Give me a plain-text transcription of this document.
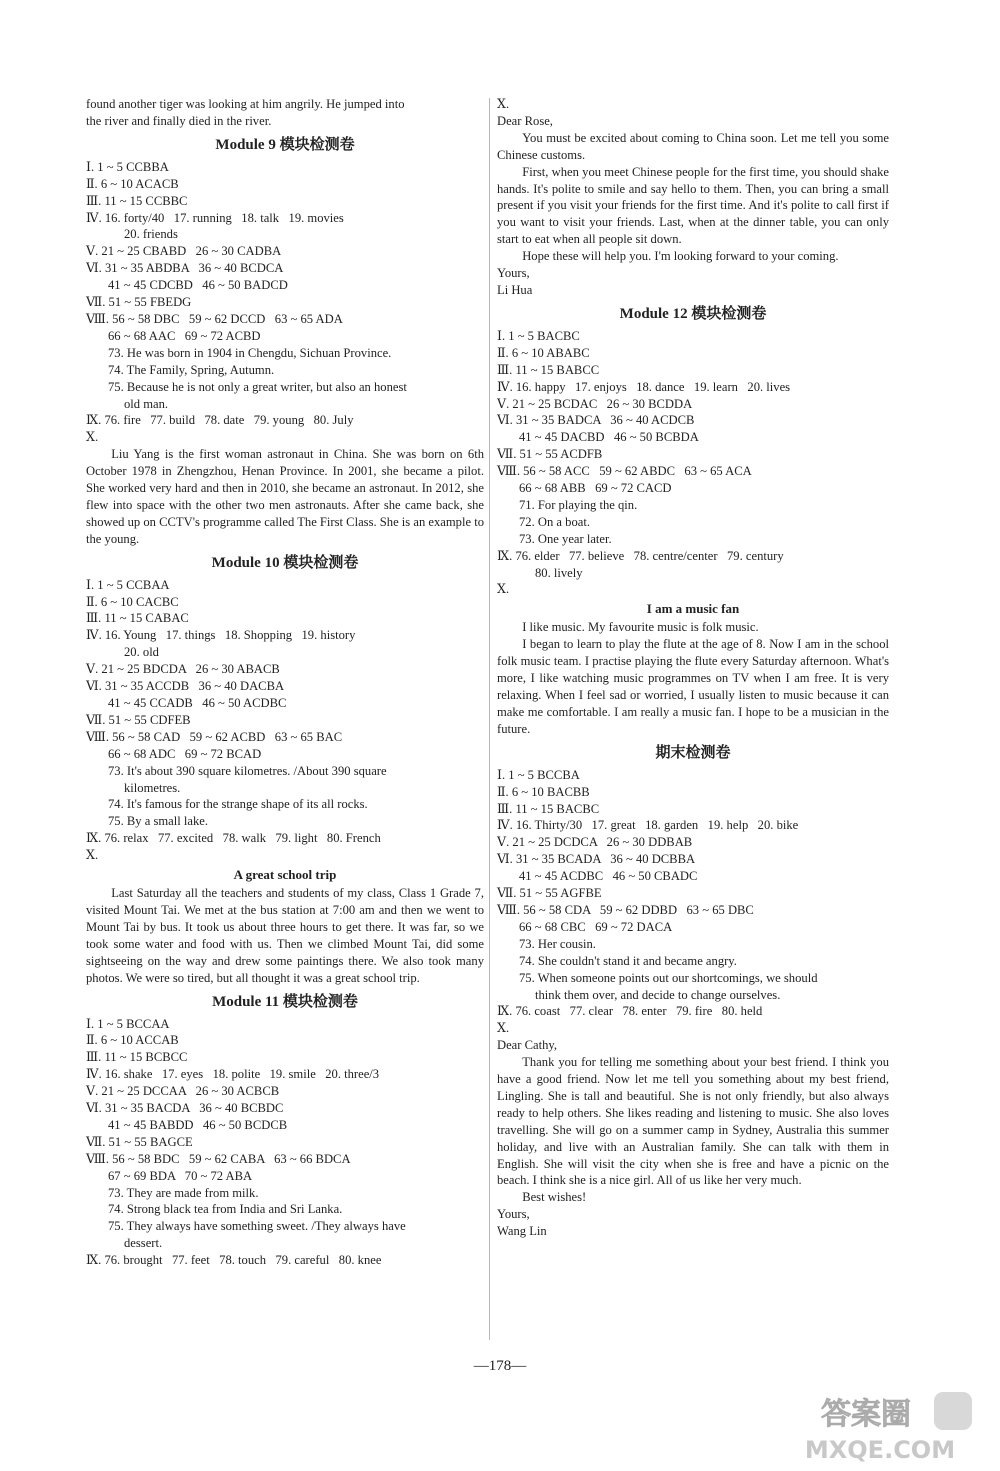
found another tiger was looking at him angrily. He jumped into
the river and finally died in the river.
Module 9 模块检测卷
Ⅰ. 1 ~ 5 CCBBA
Ⅱ. 6 ~ 10 ACACB
Ⅲ. 11 ~ 15 CCBBC
Ⅳ. 16. forty/40   17. running   18. talk   19. movies
20. friends
Ⅴ. 21 ~ 25 CBABD   26 ~ 30 CADBA
Ⅵ. 31 ~ 35 ABDBA   36 ~ 40 BCDCA
41 ~ 45 CDCBD   46 ~ 50 BADCD
Ⅶ. 51 ~ 55 FBEDG
Ⅷ. 56 ~ 58 DBC   59 ~ 62 DCCD   63 ~ 65 ADA
66 ~ 68 AAC   69 ~ 72 ACBD
73. He was born in 1904 in Chengdu, Sichuan Province.
74. The Family, Spring, Autumn.
75. Because he is not only a great writer, but also an honest
old man.
Ⅸ. 76. fire   77. build   78. date   79. young   80. July
Ⅹ.
Liu Yang is the first woman astronaut in China. She was born on 6th October 1978 in Zhengzhou, Henan Province. In 2001, she became a pilot. She worked very hard and then in 2010, she became an astronaut. In 2012, she flew into space with the other two men astronauts. After she came back, she showed up on CCTV's programme called The First Class. She is an example to the young.
Module 10 模块检测卷
Ⅰ. 1 ~ 5 CCBAA
Ⅱ. 6 ~ 10 CACBC
Ⅲ. 11 ~ 15 CABAC
Ⅳ. 16. Young   17. things   18. Shopping   19. history
20. old
Ⅴ. 21 ~ 25 BDCDA   26 ~ 30 ABACB
Ⅵ. 31 ~ 35 ACCDB   36 ~ 40 DACBA
41 ~ 45 CCADB   46 ~ 50 ACDBC
Ⅶ. 51 ~ 55 CDFEB
Ⅷ. 56 ~ 58 CAD   59 ~ 62 ACBD   63 ~ 65 BAC
66 ~ 68 ADC   69 ~ 72 BCAD
73. It's about 390 square kilometres. /About 390 square
kilometres.
74. It's famous for the strange shape of its all rocks.
75. By a small lake.
Ⅸ. 76. relax   77. excited   78. walk   79. light   80. French
Ⅹ.
A great school trip
Last Saturday all the teachers and students of my class, Class 1 Grade 7, visited Mount Tai. We met at the bus station at 7:00 am and then we went to Mount Tai by bus. It took us about three hours to get there. It was far, so we took some water and food with us. Then we climbed Mount Tai, did some sightseeing on the way and drew some paintings there. We also took many photos. We were so tired, but all thought it was a great school trip.
Module 11 模块检测卷
Ⅰ. 1 ~ 5 BCCAA
Ⅱ. 6 ~ 10 ACCAB
Ⅲ. 11 ~ 15 BCBCC
Ⅳ. 16. shake   17. eyes   18. polite   19. smile   20. three/3
Ⅴ. 21 ~ 25 DCCAA   26 ~ 30 ACBCB
Ⅵ. 31 ~ 35 BACDA   36 ~ 40 BCBDC
41 ~ 45 BABDD   46 ~ 50 BCDCB
Ⅶ. 51 ~ 55 BAGCE
Ⅷ. 56 ~ 58 BDC   59 ~ 62 CABA   63 ~ 66 BDCA
67 ~ 69 BDA   70 ~ 72 ABA
73. They are made from milk.
74. Strong black tea from India and Sri Lanka.
75. They always have something sweet. /They always have
dessert.
Ⅸ. 76. brought   77. feet   78. touch   79. careful   80. knee
Ⅹ.
Dear Rose,
You must be excited about coming to China soon. Let me tell you some Chinese customs.
First, when you meet Chinese people for the first time, you should shake hands. It's polite to smile and say hello to them. Then, you can bring a small present if you visit your friends for the first time. And it's polite to call first if you want to visit your friends. Last, when at the dinner table, you can only start to eat when all people sit down.
Hope these will help you. I'm looking forward to your coming.
Yours,
Li Hua
Module 12 模块检测卷
Ⅰ. 1 ~ 5 BACBC
Ⅱ. 6 ~ 10 ABABC
Ⅲ. 11 ~ 15 BABCC
Ⅳ. 16. happy   17. enjoys   18. dance   19. learn   20. lives
Ⅴ. 21 ~ 25 BCDAC   26 ~ 30 BCDDA
Ⅵ. 31 ~ 35 BADCA   36 ~ 40 ACDCB
41 ~ 45 DACBD   46 ~ 50 BCBDA
Ⅶ. 51 ~ 55 ACDFB
Ⅷ. 56 ~ 58 ACC   59 ~ 62 ABDC   63 ~ 65 ACA
66 ~ 68 ABB   69 ~ 72 CACD
71. For playing the qin.
72. On a boat.
73. One year later.
Ⅸ. 76. elder   77. believe   78. centre/center   79. century
80. lively
Ⅹ.
I am a music fan
I like music. My favourite music is folk music.
I began to learn to play the flute at the age of 8. Now I am in the school folk music team. I practise playing the flute every Saturday afternoon. What's more, I like watching music programmes on TV when I am free. It is very relaxing. When I feel sad or worried, I usually listen to music because it can make me comfortable. I am really a music fan. I hope to be a musician in the future.
期末检测卷
Ⅰ. 1 ~ 5 BCCBA
Ⅱ. 6 ~ 10 BACBB
Ⅲ. 11 ~ 15 BACBC
Ⅳ. 16. Thirty/30   17. great   18. garden   19. help   20. bike
Ⅴ. 21 ~ 25 DCDCA   26 ~ 30 DDBAB
Ⅵ. 31 ~ 35 BCADA   36 ~ 40 DCBBA
41 ~ 45 ACDBC   46 ~ 50 CBADC
Ⅶ. 51 ~ 55 AGFBE
Ⅷ. 56 ~ 58 CDA   59 ~ 62 DDBD   63 ~ 65 DBC
66 ~ 68 CBC   69 ~ 72 DACA
73. Her cousin.
74. She couldn't stand it and became angry.
75. When someone points out our shortcomings, we should
think them over, and decide to change ourselves.
Ⅸ. 76. coast   77. clear   78. enter   79. fire   80. held
Ⅹ.
Dear Cathy,
Thank you for telling me something about your best friend. I think you have a good friend. Now let me tell you something about my best friend, Lingling. She is tall and beautiful. She is not only friendly, but also always ready to help others. She likes reading and listening to music. She also loves travelling. She will go on a summer camp in Sydney, Australia this summer holiday, and live with an Australian family. She can talk with them in English. She will visit the city when she is free and have a picnic on the beach. I think she is a nice girl. All of us like her very much.
Best wishes!
Yours,
Wang Lin
—178—
答案圈
MXQE.COM
